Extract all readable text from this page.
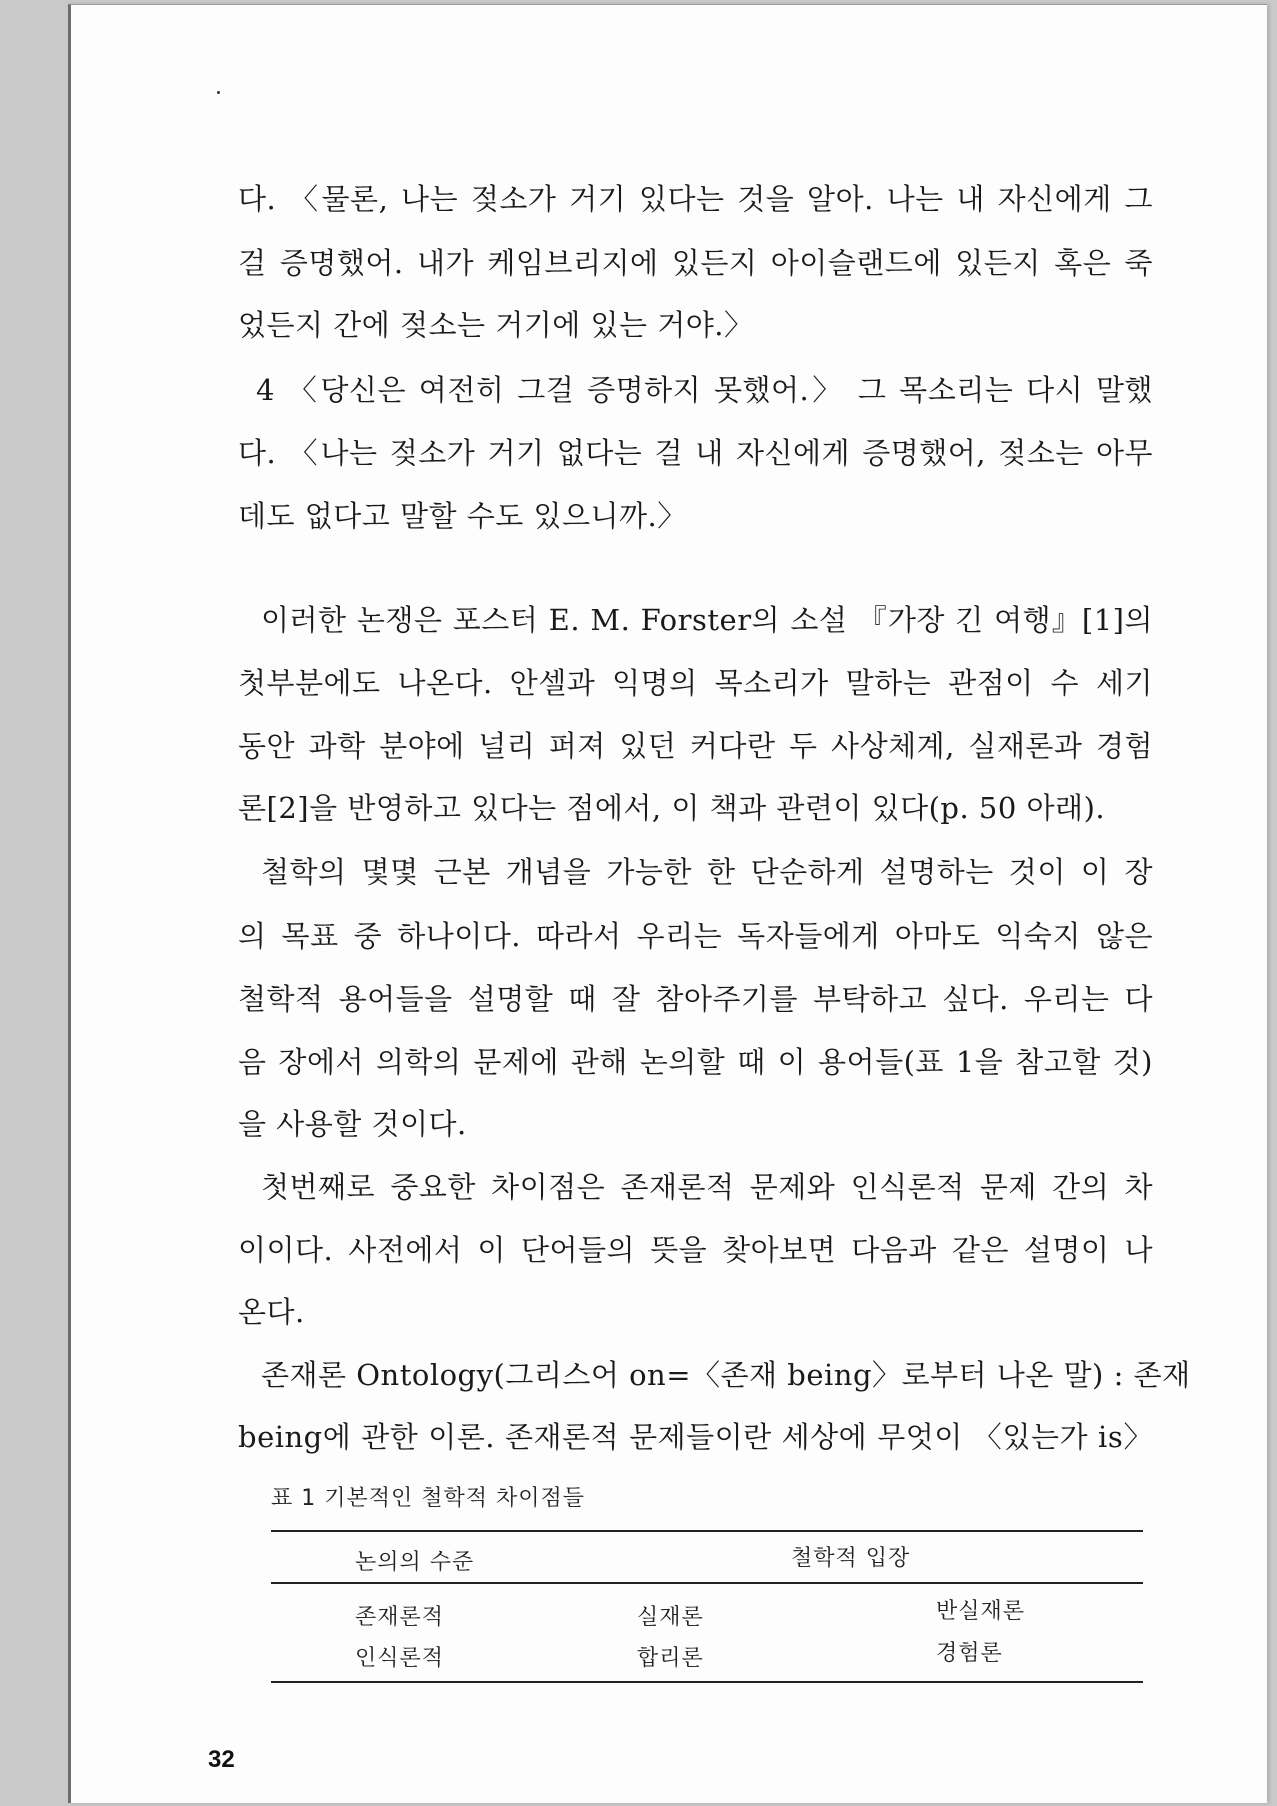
다. 〈물론, 나는 젖소가 거기 있다는 것을 알아. 나는 내 자신에게 그

걸 증명했어. 내가 케임브리지에 있든지 아이슬랜드에 있든지 혹은 죽

었든지 간에 젖소는 거기에 있는 거야.〉

4 〈당신은 여전히 그걸 증명하지 못했어.〉 그 목소리는 다시 말했

다. 〈나는 젖소가 거기 없다는 걸 내 자신에게 증명했어, 젖소는 아무

데도 없다고 말할 수도 있으니까.〉

이러한 논쟁은 포스터 E. M. Forster의 소설 『가장 긴 여행』[1]의

첫부분에도 나온다. 안셀과 익명의 목소리가 말하는 관점이 수 세기

동안 과학 분야에 널리 퍼져 있던 커다란 두 사상체계, 실재론과 경험

론[2]을 반영하고 있다는 점에서, 이 책과 관련이 있다(p. 50 아래).

철학의 몇몇 근본 개념을 가능한 한 단순하게 설명하는 것이 이 장

의 목표 중 하나이다. 따라서 우리는 독자들에게 아마도 익숙지 않은

철학적 용어들을 설명할 때 잘 참아주기를 부탁하고 싶다. 우리는 다

음 장에서 의학의 문제에 관해 논의할 때 이 용어들(표 1을 참고할 것)

을 사용할 것이다.

첫번째로 중요한 차이점은 존재론적 문제와 인식론적 문제 간의 차

이이다. 사전에서 이 단어들의 뜻을 찾아보면 다음과 같은 설명이 나

온다.

존재론 Ontology(그리스어 on=〈존재 being〉로부터 나온 말) : 존재

being에 관한 이론. 존재론적 문제들이란 세상에 무엇이 〈있는가 is〉

표 1 기본적인 철학적 차이점들
논의의 수준	철학적 입장
존재론적	실재론	반실재론
인식론적	합리론	경험론
32
